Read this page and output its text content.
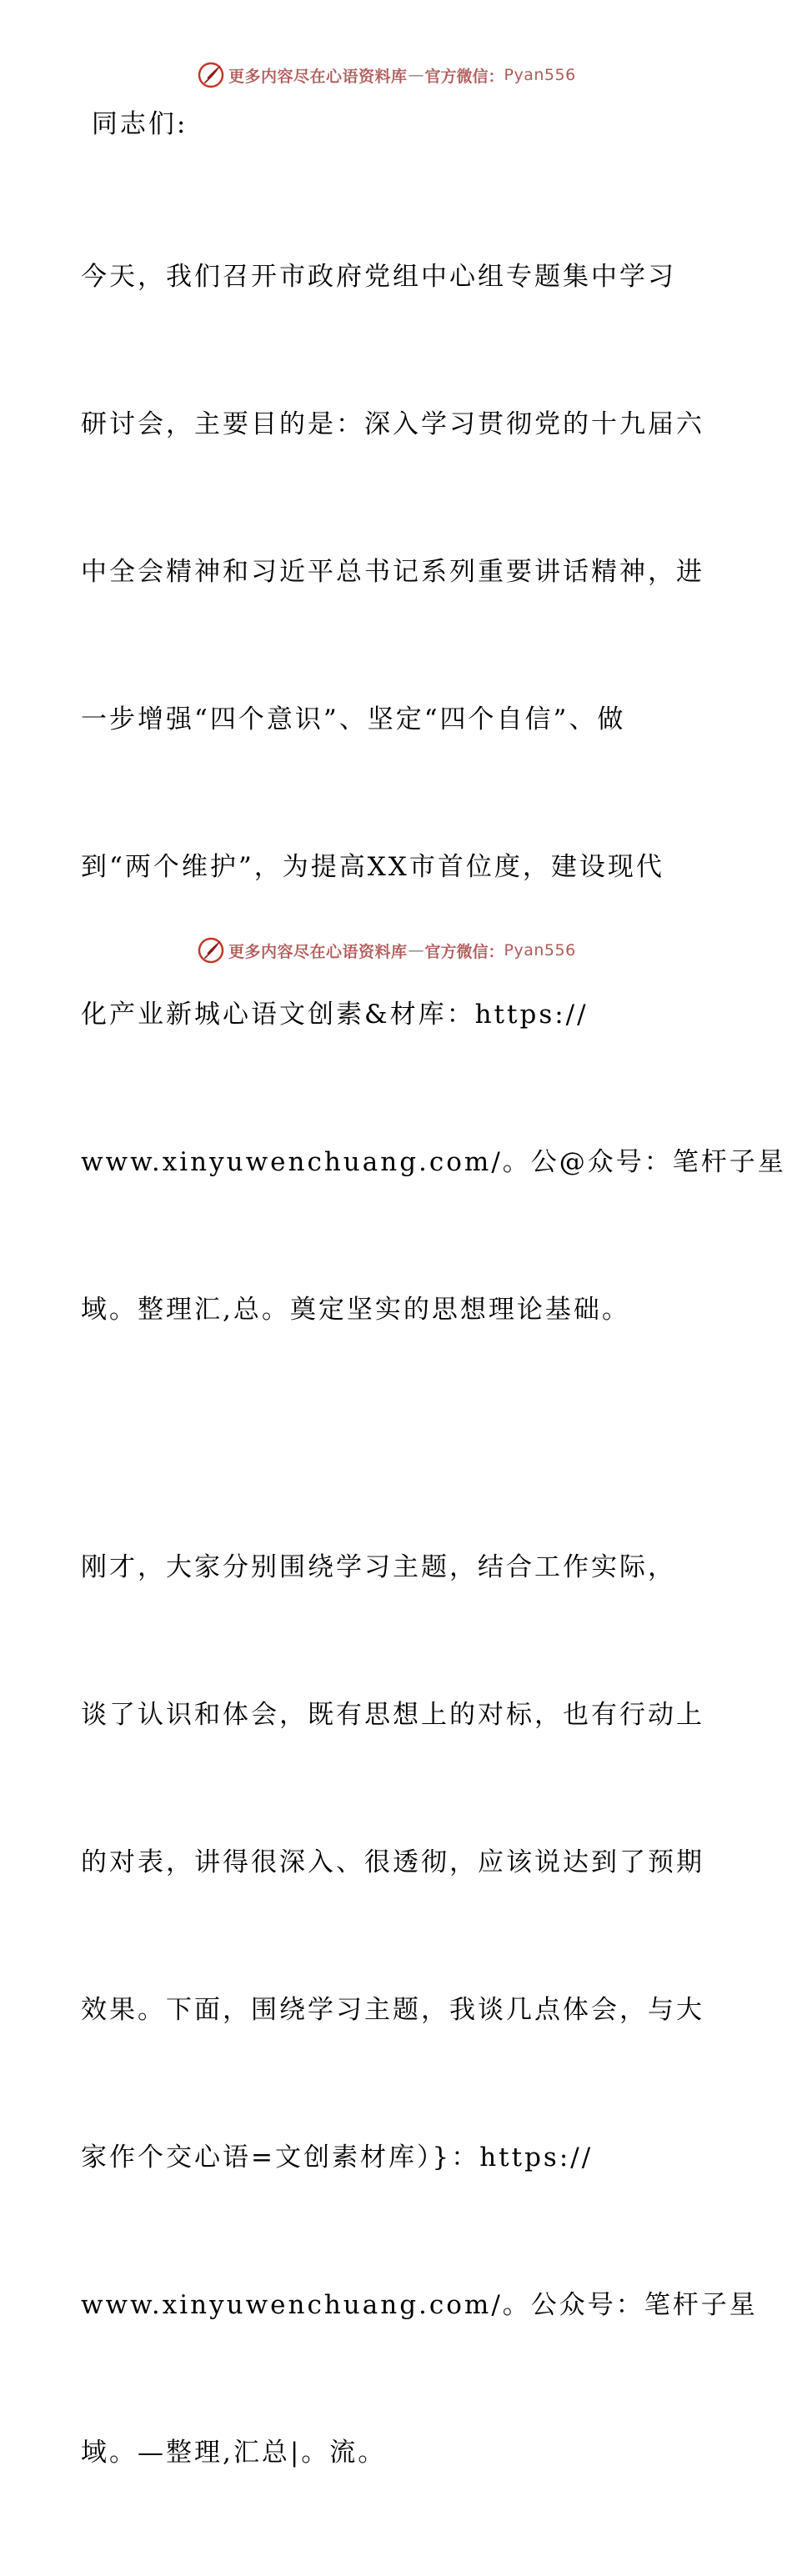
更多内容尽在心语资料库 — 官方微信： Pyan556

同志们:

今天，我们召开市政府党组中心组专题集中学习

研讨会，主要目的是：深入学习贯彻党的十九届六

中全会精神和习近平总书记系列重要讲话精神，进

一步增强“四个意识”、坚定“四个自信”、做

到“两个维护”，为提高XX市首位度，建设现代

化产业新城心语文创素&材库：https://

www.xinyuwenchuang.com/。公@众号：笔杆子星

域。整理汇,总。奠定坚实的思想理论基础。

刚才，大家分别围绕学习主题，结合工作实际，

谈了认识和体会，既有思想上的对标，也有行动上

的对表，讲得很深入、很透彻，应该说达到了预期

效果。下面，围绕学习主题，我谈几点体会，与大

家作个交心语=文创素材库）}：https://

www.xinyuwenchuang.com/。公众号：笔杆子星

域。—整理,汇总|。流。

更多内容尽在心语资料库 — 官方微信： Pyan556
